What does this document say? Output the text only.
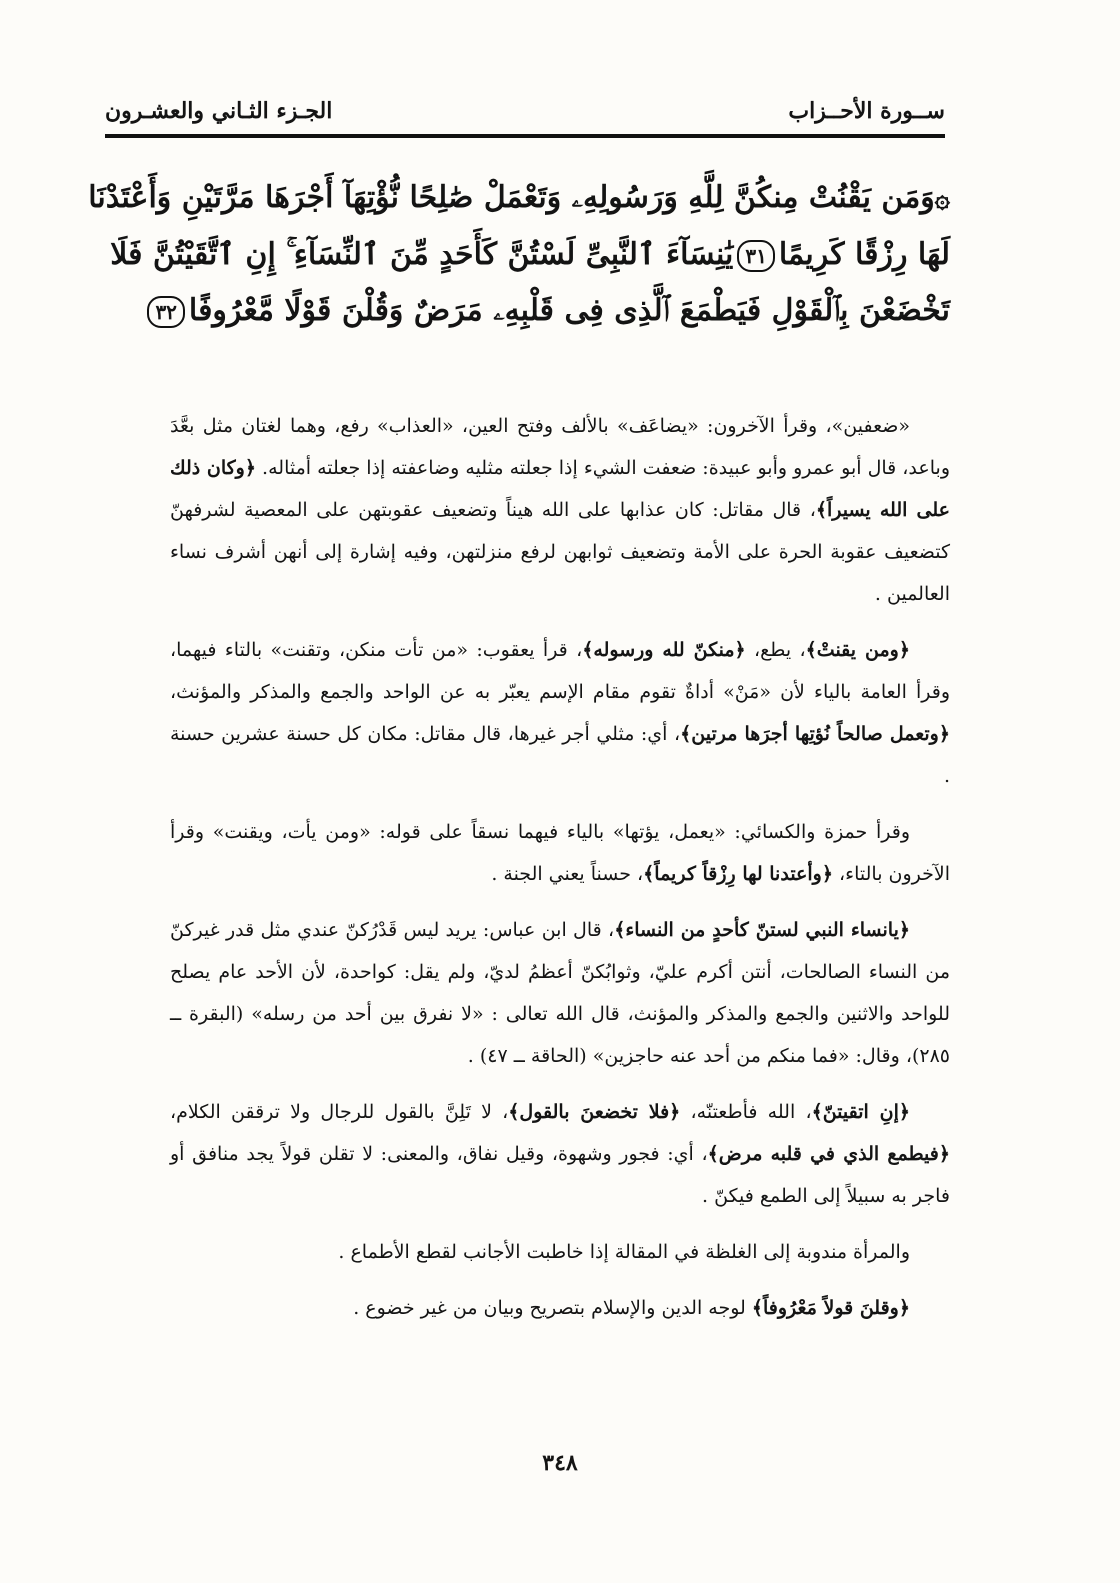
ســورة الأحــزاب
الجـزء الثـاني والعشـرون
۞وَمَن يَقْنُتْ مِنكُنَّ لِلَّهِ وَرَسُولِهِۦ وَتَعْمَلْ صَٰلِحًا نُّؤْتِهَآ أَجْرَهَا مَرَّتَيْنِ وَأَعْتَدْنَا
لَهَا رِزْقًا كَرِيمًا٣١يَٰنِسَآءَ ٱلنَّبِىِّ لَسْتُنَّ كَأَحَدٍ مِّنَ ٱلنِّسَآءِ ۚ إِنِ ٱتَّقَيْتُنَّ فَلَا
تَخْضَعْنَ بِٱلْقَوْلِ فَيَطْمَعَ ٱلَّذِى فِى قَلْبِهِۦ مَرَضٌ وَقُلْنَ قَوْلًا مَّعْرُوفًا٣٢

«ضعفين»، وقرأ الآخرون: «يضاعَف» بالألف وفتح العين، «العذاب» رفع، وهما لغتان مثل بعَّدَ وباعد، قال أبو عمرو وأبو عبيدة: ضعفت الشيء إذا جعلته مثليه وضاعفته إذا جعلته أمثاله. ﴿وكان ذلك على الله يسيراً﴾، قال مقاتل: كان عذابها على الله هيناً وتضعيف عقوبتهن على المعصية لشرفهنّ كتضعيف عقوبة الحرة على الأمة وتضعيف ثوابهن لرفع منزلتهن، وفيه إشارة إلى أنهن أشرف نساء العالمين .

﴿ومن يقنتْ﴾، يطع، ﴿منكنّ لله ورسوله﴾، قرأ يعقوب: «من تأت منكن، وتقنت» بالتاء فيهما، وقرأ العامة بالياء لأن «مَنْ» أداةٌ تقوم مقام الإسم يعبّر به عن الواحد والجمع والمذكر والمؤنث، ﴿وتعمل صالحاً نُؤتِها أجرَها مرتين﴾، أي: مثلي أجر غيرها، قال مقاتل: مكان كل حسنة عشرين حسنة .

وقرأ حمزة والكسائي: «يعمل، يؤتها» بالياء فيهما نسقاً على قوله: «ومن يأت، ويقنت» وقرأ الآخرون بالتاء، ﴿وأعتدنا لها رِزْقاً كريماً﴾، حسناً يعني الجنة .

﴿يانساء النبي لستنّ كأحدٍ من النساء﴾، قال ابن عباس: يريد ليس قَدْرُكنّ عندي مثل قدر غيركنّ من النساء الصالحات، أنتن أكرم عليّ، وثوابُكنّ أعظمُ لديّ، ولم يقل: كواحدة، لأن الأحد عام يصلح للواحد والاثنين والجمع والمذكر والمؤنث، قال الله تعالى : «لا نفرق بين أحد من رسله» (البقرة ــ ٢٨٥)، وقال: «فما منكم من أحد عنه حاجزين» (الحاقة ــ ٤٧) .

﴿إنِ اتقيتنّ﴾، الله فأطعتنّه، ﴿فلا تخضعنَ بالقول﴾، لا تَلِنَّ بالقول للرجال ولا ترققن الكلام، ﴿فيطمع الذي في قلبه مرض﴾، أي: فجور وشهوة، وقيل نفاق، والمعنى: لا تقلن قولاً يجد منافق أو فاجر به سبيلاً إلى الطمع فيكنّ .

والمرأة مندوبة إلى الغلظة في المقالة إذا خاطبت الأجانب لقطع الأطماع .

﴿وقلنَ قولاً مَعْرُوفاً﴾ لوجه الدين والإسلام بتصريح وبيان من غير خضوع .

٣٤٨
